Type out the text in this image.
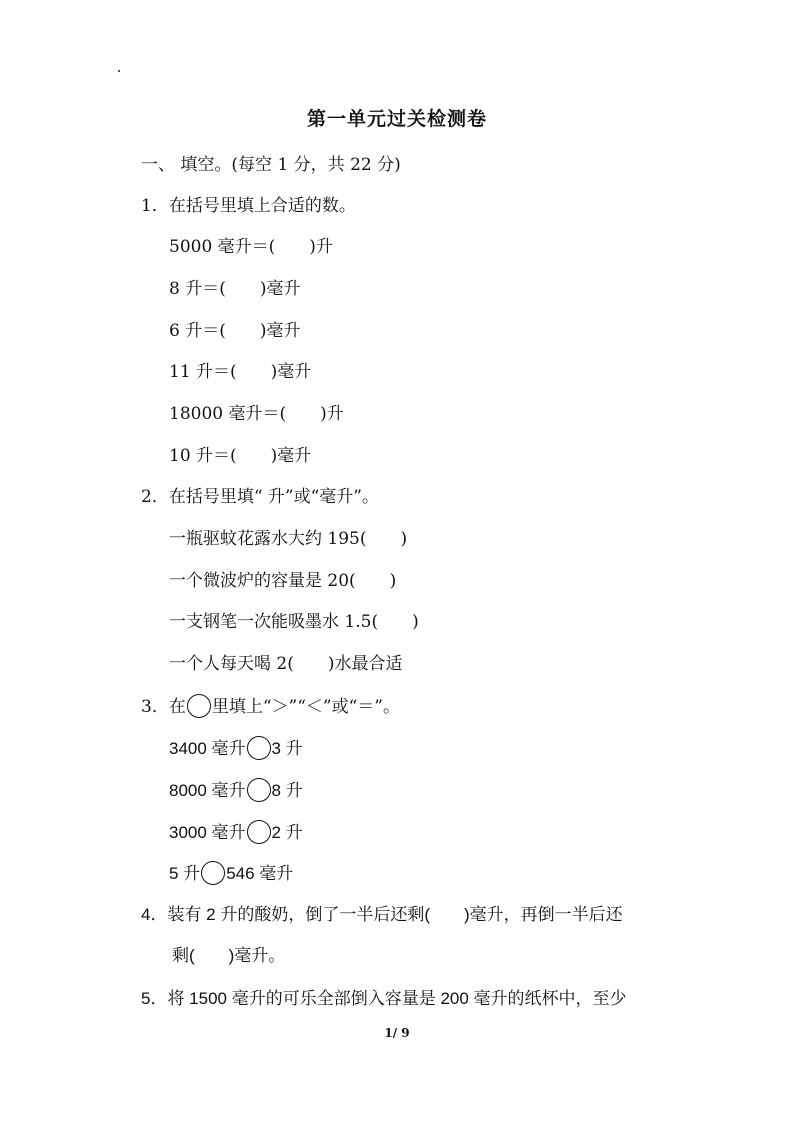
第一单元过关检测卷
一、 填空。(每空 1 分，共 22 分)
1．在括号里填上合适的数。
5000 毫升＝(　　)升
8 升＝(　　)毫升
6 升＝(　　)毫升
11 升＝(　　)毫升
18000 毫升＝(　　)升
10 升＝(　　)毫升
2．在括号里填“ 升”或“毫升”。
一瓶驱蚊花露水大约 195(　　)
一个微波炉的容量是 20(　　)
一支钢笔一次能吸墨水 1.5(　　)
一个人每天喝 2(　　)水最合适
3．在 里填上“＞”“＜”或“＝”。
3400 毫升 3 升
8000 毫升 8 升
3000 毫升 2 升
5 升 546 毫升
4．装有 2 升的酸奶，倒了一半后还剩(　　)毫升，再倒一半后还
剩(　　)毫升。
5．将 1500 毫升的可乐全部倒入容量是 200 毫升的纸杯中，至少
1/ 9
